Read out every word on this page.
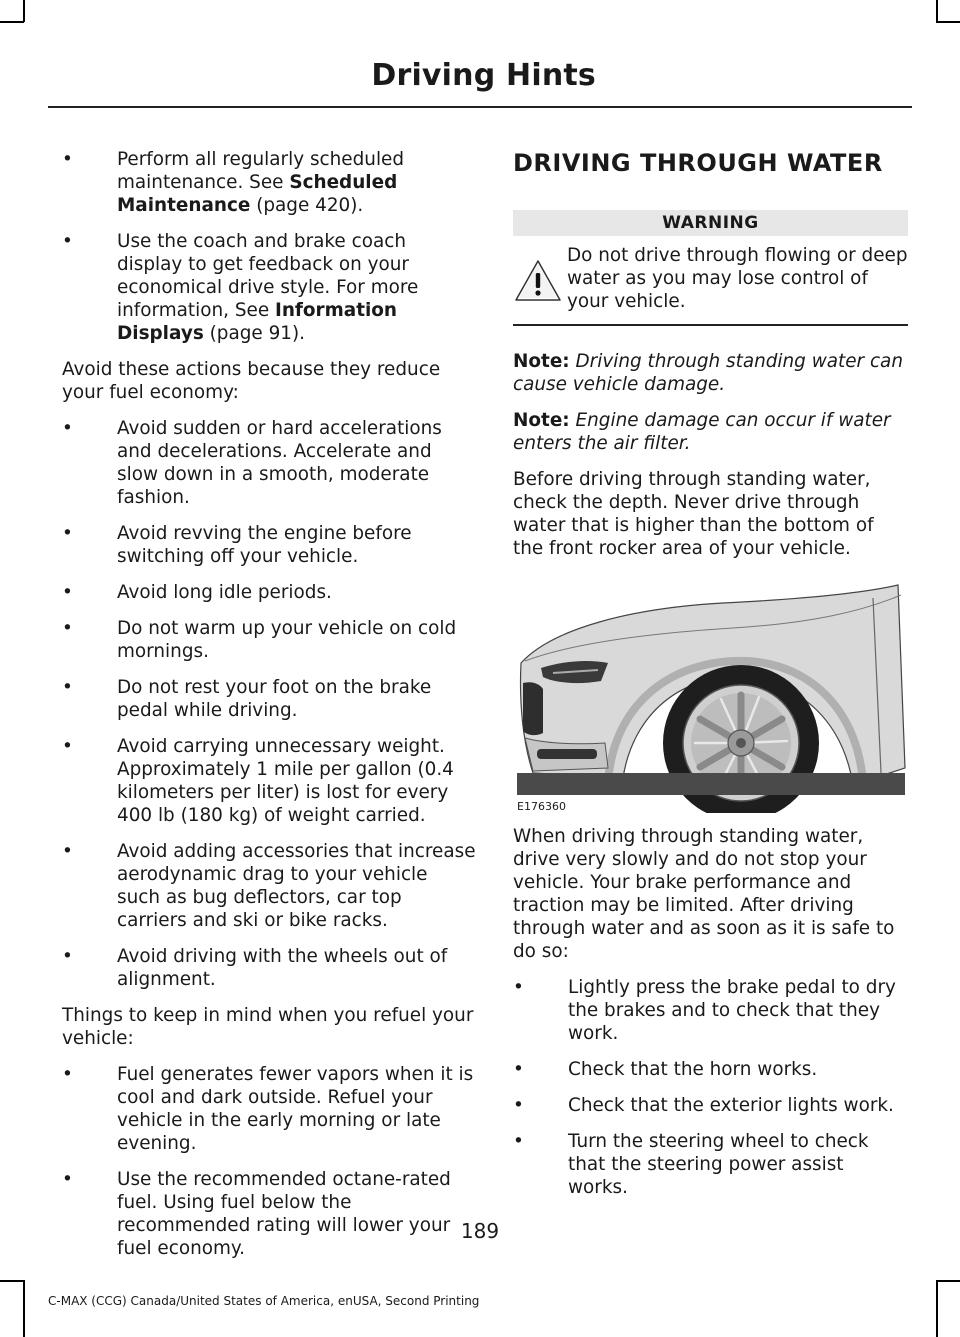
Driving Hints
• Perform all regularly scheduled maintenance. See Scheduled Maintenance (page 420).
• Use the coach and brake coach display to get feedback on your economical drive style. For more information, See Information Displays (page 91).

Avoid these actions because they reduce your fuel economy:

• Avoid sudden or hard accelerations and decelerations. Accelerate and slow down in a smooth, moderate fashion.
• Avoid revving the engine before switching off your vehicle.
• Avoid long idle periods.
• Do not warm up your vehicle on cold mornings.
• Do not rest your foot on the brake pedal while driving.
• Avoid carrying unnecessary weight. Approximately 1 mile per gallon (0.4 kilometers per liter) is lost for every 400 lb (180 kg) of weight carried.
• Avoid adding accessories that increase aerodynamic drag to your vehicle such as bug deflectors, car top carriers and ski or bike racks.
• Avoid driving with the wheels out of alignment.

Things to keep in mind when you refuel your vehicle:

• Fuel generates fewer vapors when it is cool and dark outside. Refuel your vehicle in the early morning or late evening.
• Use the recommended octane-rated fuel. Using fuel below the recommended rating will lower your fuel economy.
DRIVING THROUGH WATER
WARNING
Do not drive through flowing or deep water as you may lose control of your vehicle.

Note: Driving through standing water can cause vehicle damage.

Note: Engine damage can occur if water enters the air filter.

Before driving through standing water, check the depth. Never drive through water that is higher than the bottom of the front rocker area of your vehicle.

E176360

When driving through standing water, drive very slowly and do not stop your vehicle. Your brake performance and traction may be limited. After driving through water and as soon as it is safe to do so:

• Lightly press the brake pedal to dry the brakes and to check that they work.
• Check that the horn works.
• Check that the exterior lights work.
• Turn the steering wheel to check that the steering power assist works.
189
C-MAX (CCG) Canada/United States of America, enUSA, Second Printing
